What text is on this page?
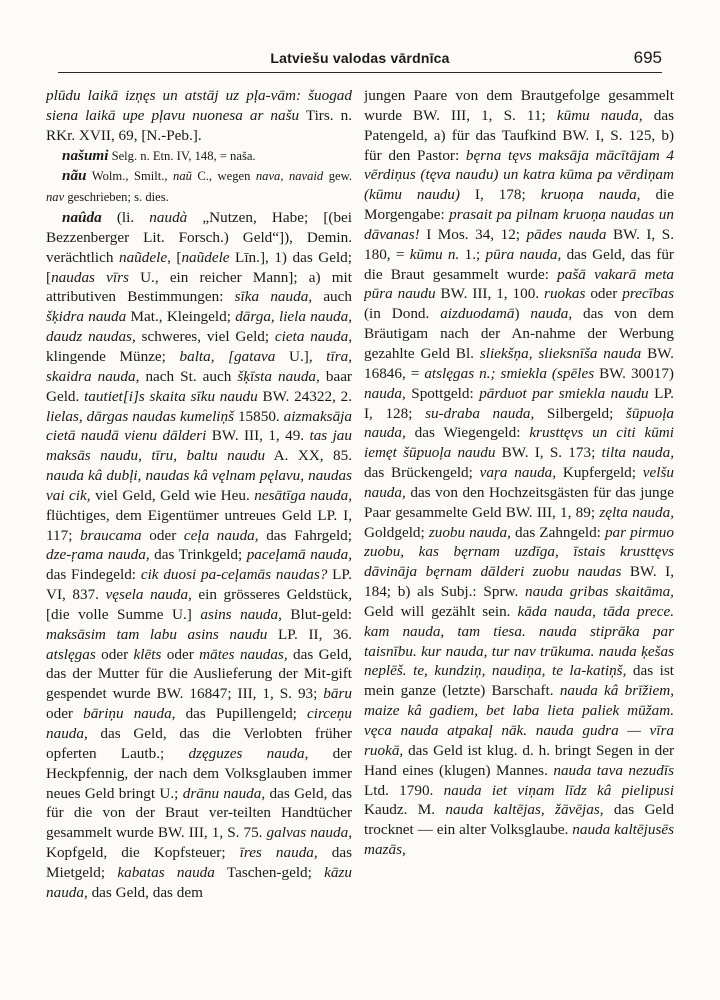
Latviešu valodas vārdnīca	695

plūdu laikā izņęs un atstāj uz pļa-vām: šuogad siena laikā upe pļavu nuonesa ar našu Tirs. n. RKr. XVII, 69, [N.-Peb.].

našumi Selg. n. Etn. IV, 148, = naša.

nãu Wolm., Smilt., naũ C., wegen nava, navaid gew. nav geschrieben; s. dies.

naûda (li. naudà „Nutzen, Habe; [(bei Bezzenberger Lit. Forsch.) Geld“]), Demin. verächtlich naũdele, [naũdele Līn.], 1) das Geld; [naudas vīrs U., ein reicher Mann]; a) mit attributiven Bestimmungen: sīka nauda, auch šķidra nauda Mat., Kleingeld; dārga, liela nauda, daudz naudas, schweres, viel Geld; cieta nauda, klingende Münze; balta, [gatava U.], tīra, skaidra nauda, nach St. auch šķīsta nauda, baar Geld. tautiet[i]s skaita sīku naudu BW. 24322, 2. lielas, dārgas naudas kumeliņš 15850. aizmaksāja cietā naudā vienu dālderi BW. III, 1, 49. tas jau maksās naudu, tīru, baltu naudu A. XX, 85. nauda kâ dubļi, naudas kâ vęlnam pęlavu, naudas vai cik, viel Geld, Geld wie Heu. nesātīga nauda, flüchtiges, dem Eigentümer untreues Geld LP. I, 117; braucama oder ceļa nauda, das Fahrgeld; dze-ŗama nauda, das Trinkgeld; paceļamā nauda, das Findegeld: cik duosi pa-ceļamās naudas? LP. VI, 837. vęsela nauda, ein grösseres Geldstück, [die volle Summe U.] asins nauda, Blut-geld: maksāsim tam labu asins naudu LP. II, 36. atslęgas oder klēts oder mātes naudas, das Geld, das der Mutter für die Auslieferung der Mit-gift gespendet wurde BW. 16847; III, 1, S. 93; bāru oder bāriņu nauda, das Pupillengeld; circeņu nauda, das Geld, das die Verlobten früher opferten Lautb.; dzęguzes nauda, der Heckpfennig, der nach dem Volksglauben immer neues Geld bringt U.; drānu nauda, das Geld, das für die von der Braut ver-teilten Handtücher gesammelt wurde BW. III, 1, S. 75. galvas nauda, Kopfgeld, die Kopfsteuer; īres nauda, das Mietgeld; kabatas nauda Taschen-geld; kāzu nauda, das Geld, das dem

jungen Paare von dem Brautgefolge gesammelt wurde BW. III, 1, S. 11; kūmu nauda, das Patengeld, a) für das Taufkind BW. I, S. 125, b) für den Pastor: bęrna tęvs maksāja mācītājam 4 vērdiņus (tęva naudu) un katra kūma pa vērdiņam (kūmu naudu) I, 178; kruoņa nauda, die Morgengabe: prasait pa pilnam kruoņa naudas un dāvanas! I Mos. 34, 12; pādes nauda BW. I, S. 180, = kūmu n. 1.; pūra nauda, das Geld, das für die Braut gesammelt wurde: pašā vakarā meta pūra naudu BW. III, 1, 100. ruokas oder precības (in Dond. aizduodamā) nauda, das von dem Bräutigam nach der An-nahme der Werbung gezahlte Geld Bl. sliekšņa, slieksnīša nauda BW. 16846, = atslęgas n.; smiekla (spēles BW. 30017) nauda, Spottgeld: pārduot par smiekla naudu LP. I, 128; su-draba nauda, Silbergeld; šūpuoļa nauda, das Wiegengeld: krusttęvs un citi kūmi iemęt šūpuoļa naudu BW. I, S. 173; tilta nauda, das Brückengeld; vaŗa nauda, Kupfergeld; velšu nauda, das von den Hochzeitsgästen für das junge Paar gesammelte Geld BW. III, 1, 89; zęlta nauda, Goldgeld; zuobu nauda, das Zahngeld: par pirmuo zuobu, kas bęrnam uzdīga, īstais krusttęvs dāvināja bęrnam dālderi zuobu naudas BW. I, 184; b) als Subj.: Sprw. nauda gribas skaitāma, Geld will gezählt sein. kāda nauda, tāda prece. kam nauda, tam tiesa. nauda stiprāka par taisnību. kur nauda, tur nav trūkuma. nauda ķešas neplēš. te, kundziņ, naudiņa, te la-katiņš, das ist mein ganze (letzte) Barschaft. nauda kâ brīžiem, maize kâ gadiem, bet laba lieta paliek mūžam. vęca nauda atpakaļ nāk. nauda gudra — vīra ruokā, das Geld ist klug. d. h. bringt Segen in der Hand eines (klugen) Mannes. nauda tava nezudīs Ltd. 1790. nauda iet viņam līdz kâ pielipusi Kaudz. M. nauda kaltējas, žāvējas, das Geld trocknet — ein alter Volksglaube. nauda kaltējusēs mazās,
